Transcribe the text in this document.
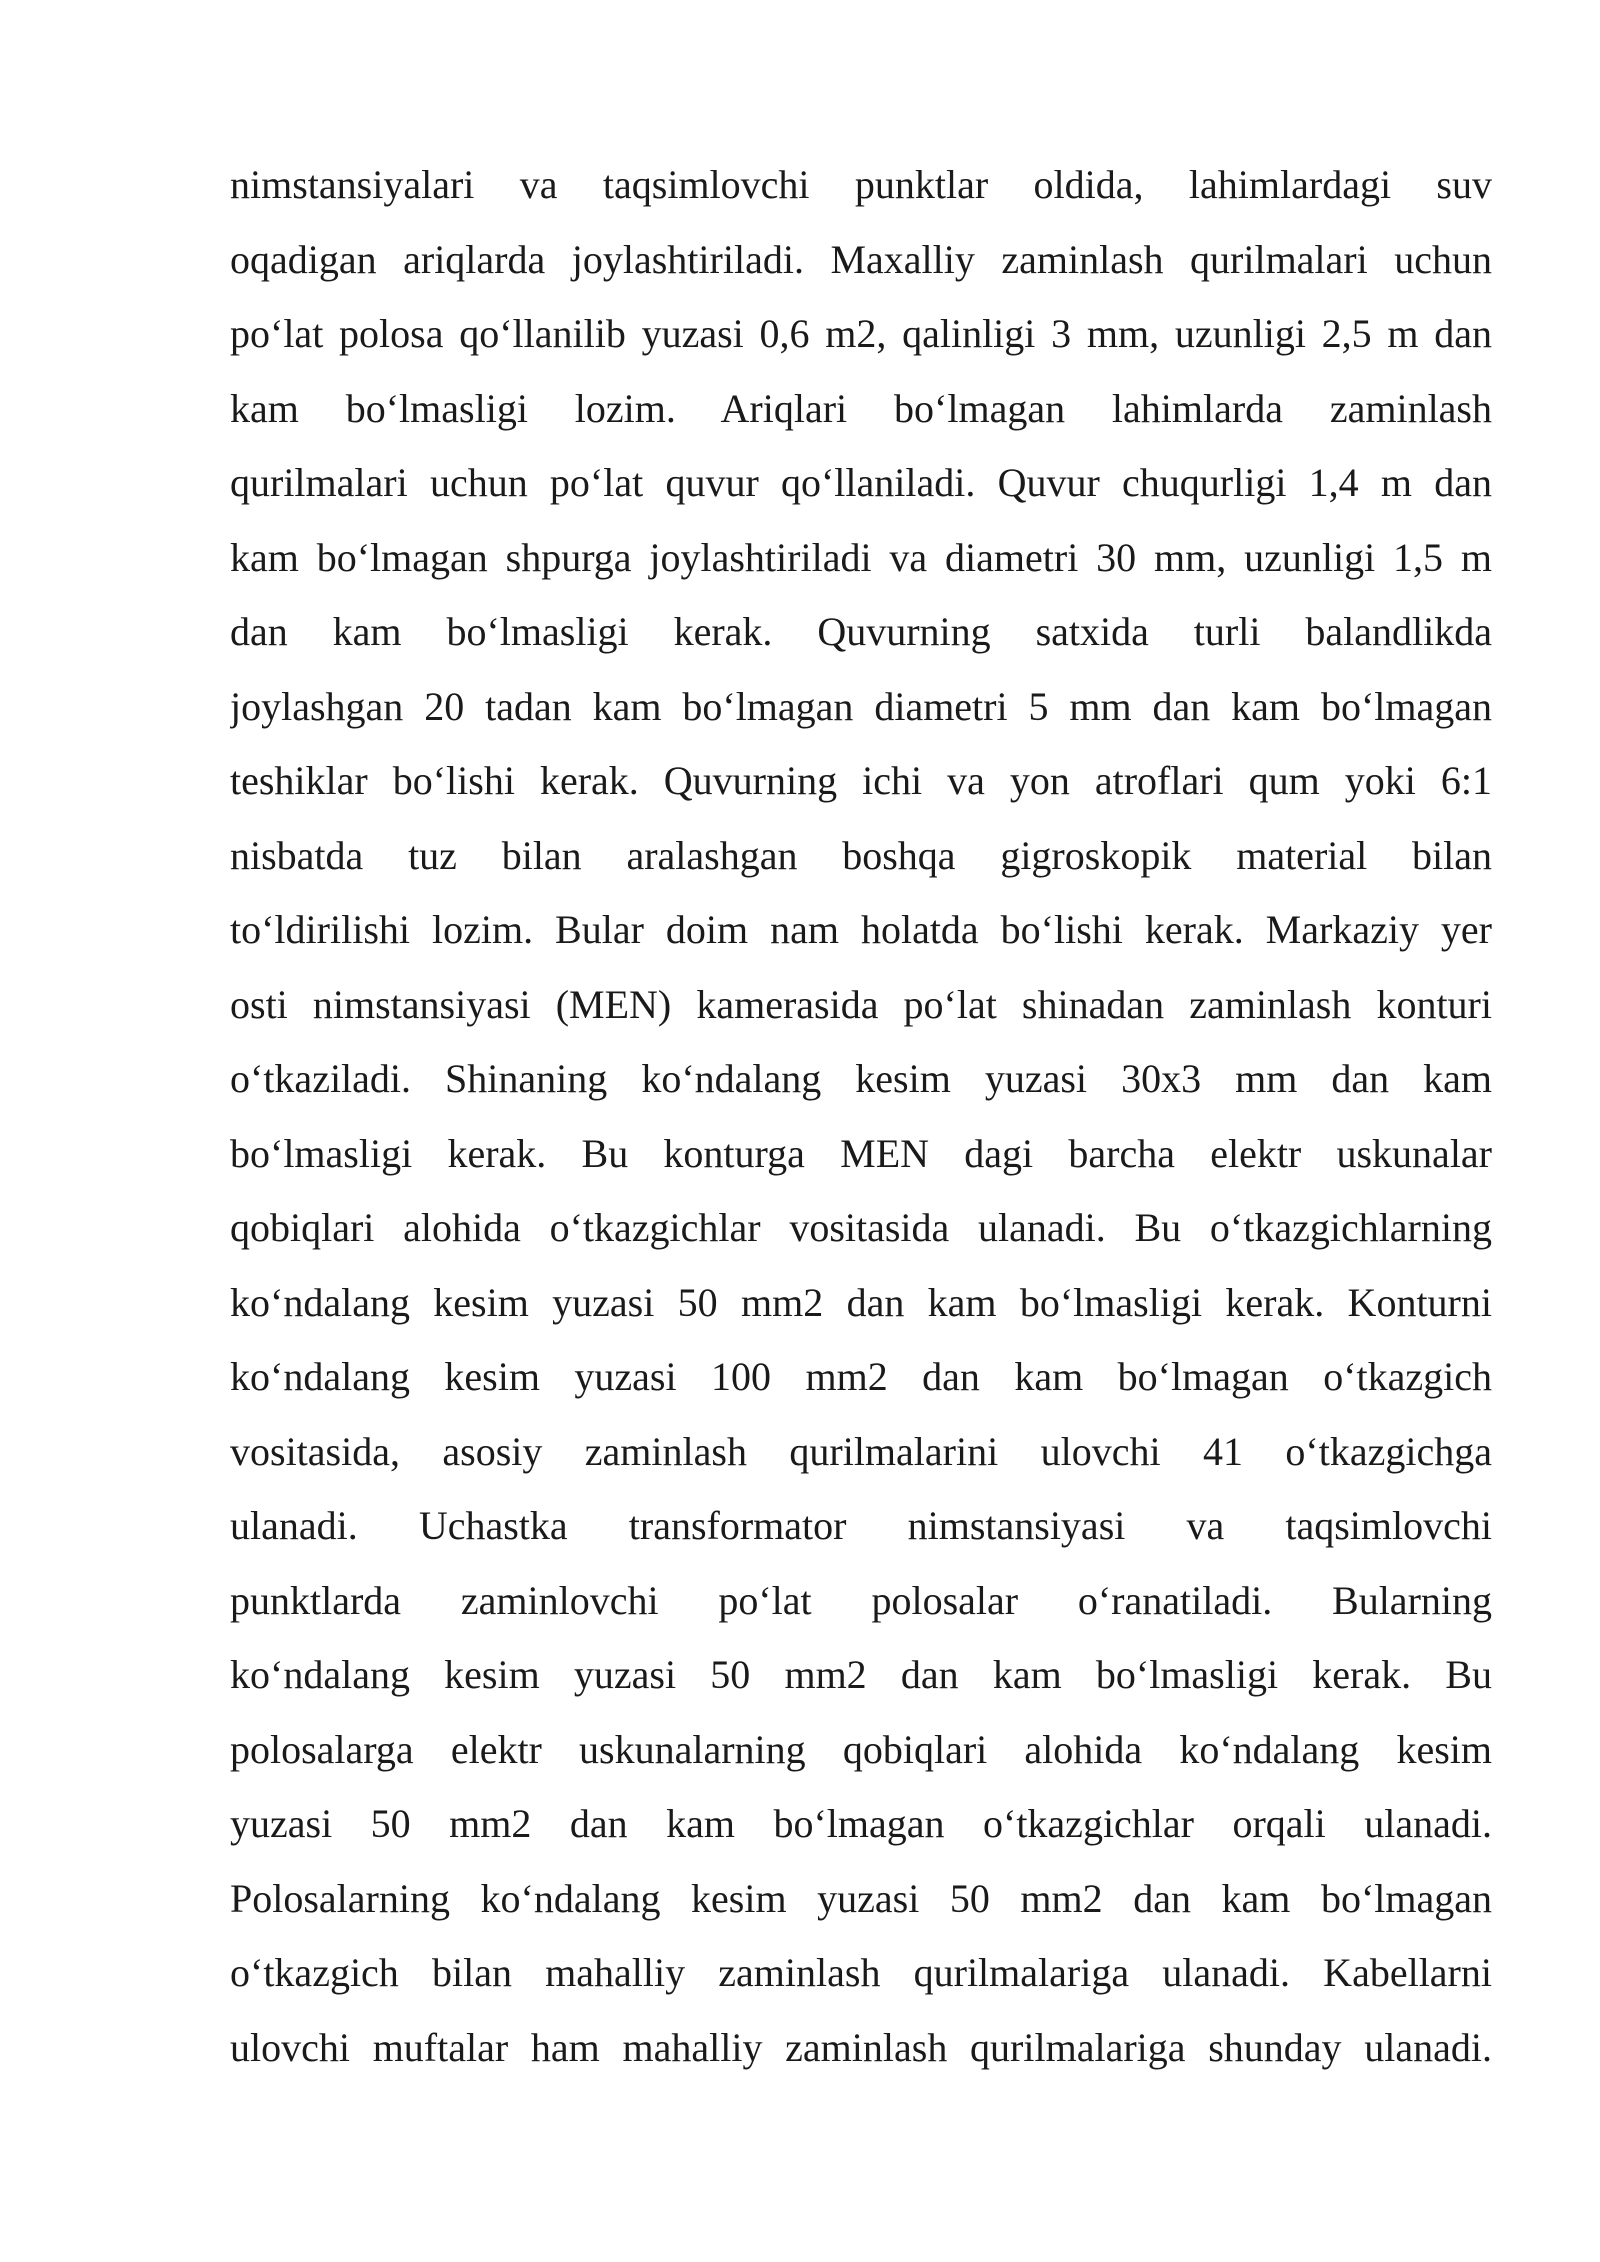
nimstansiyalari va taqsimlovchi punktlar oldida, lahimlardagi suv
oqadigan ariqlarda joylashtiriladi. Maxalliy zaminlash qurilmalari uchun
po‘lat polosa qo‘llanilib yuzasi 0,6 m2, qalinligi 3 mm, uzunligi 2,5 m dan
kam bo‘lmasligi lozim. Ariqlari bo‘lmagan lahimlarda zaminlash
qurilmalari uchun po‘lat quvur qo‘llaniladi. Quvur chuqurligi 1,4 m dan
kam bo‘lmagan shpurga joylashtiriladi va diametri 30 mm, uzunligi 1,5 m
dan kam bo‘lmasligi kerak. Quvurning satxida turli balandlikda
joylashgan 20 tadan kam bo‘lmagan diametri 5 mm dan kam bo‘lmagan
teshiklar bo‘lishi kerak. Quvurning ichi va yon atroflari qum yoki 6:1
nisbatda tuz bilan aralashgan boshqa gigroskopik material bilan
to‘ldirilishi lozim. Bular doim nam holatda bo‘lishi kerak. Markaziy yer
osti nimstansiyasi (MEN) kamerasida po‘lat shinadan zaminlash konturi
o‘tkaziladi. Shinaning ko‘ndalang kesim yuzasi 30x3 mm dan kam
bo‘lmasligi kerak. Bu konturga MEN dagi barcha elektr uskunalar
qobiqlari alohida o‘tkazgichlar vositasida ulanadi. Bu o‘tkazgichlarning
ko‘ndalang kesim yuzasi 50 mm2 dan kam bo‘lmasligi kerak. Konturni
ko‘ndalang kesim yuzasi 100 mm2 dan kam bo‘lmagan o‘tkazgich
vositasida, asosiy zaminlash qurilmalarini ulovchi 41 o‘tkazgichga
ulanadi. Uchastka transformator nimstansiyasi va taqsimlovchi
punktlarda zaminlovchi po‘lat polosalar o‘ranatiladi. Bularning
ko‘ndalang kesim yuzasi 50 mm2 dan kam bo‘lmasligi kerak. Bu
polosalarga elektr uskunalarning qobiqlari alohida ko‘ndalang kesim
yuzasi 50 mm2 dan kam bo‘lmagan o‘tkazgichlar orqali ulanadi.
Polosalarning ko‘ndalang kesim yuzasi 50 mm2 dan kam bo‘lmagan
o‘tkazgich bilan mahalliy zaminlash qurilmalariga ulanadi. Kabellarni
ulovchi muftalar ham mahalliy zaminlash qurilmalariga shunday ulanadi.
